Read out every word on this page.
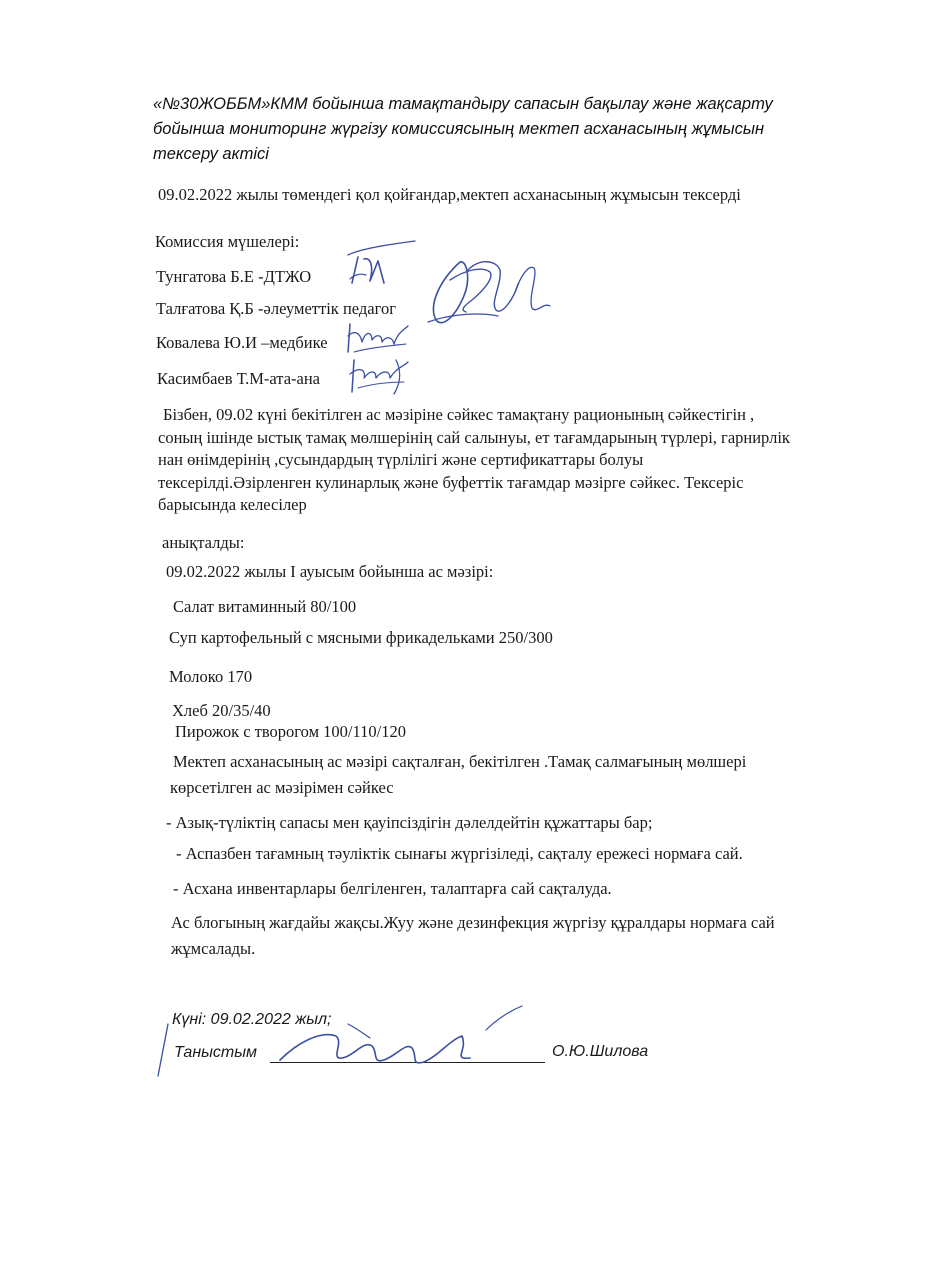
«№30ЖОББМ»КММ бойынша тамақтандыру сапасын бақылау және жақсарту
бойынша мониторинг жүргізу комиссиясының мектеп асханасының жұмысын
тексеру актісі
09.02.2022 жылы төмендегі қол қойғандар,мектеп асханасының жұмысын тексерді
Комиссия мүшелері:
Тунгатова Б.Е -ДТЖО
Талғатова Қ.Б -әлеуметтік педагог
Ковалева Ю.И –медбике
Касимбаев Т.М-ата-ана
Бізбен, 09.02 күні бекітілген ас мәзіріне сәйкес тамақтану рационының сәйкестігін ,
соның ішінде ыстық тамақ мөлшерінің сай салынуы, ет тағамдарының түрлері, гарнирлік
нан өнімдерінің ,сусындардың түрлілігі және сертификаттары болуы
тексерілді.Әзірленген кулинарлық және буфеттік тағамдар мәзірге сәйкес. Тексеріс
барысында келесілер
анықталды:
09.02.2022 жылы I ауысым бойынша ас мәзірі:
Салат витаминный 80/100
Суп картофельный с мясными фрикадельками 250/300
Молоко 170
Хлеб 20/35/40
Пирожок с творогом 100/110/120
Мектеп асханасының ас мәзірі сақталған, бекітілген .Тамақ салмағының мөлшері
көрсетілген ас мәзірімен сәйкес
- Азық-түліктің сапасы мен қауіпсіздігін дәлелдейтін құжаттары бар;
- Аспазбен тағамның тәуліктік сынағы жүргізіледі, сақталу ережесі нормаға сай.
- Асхана инвентарлары белгіленген, талаптарға сай сақталуда.
Ас блогының жағдайы жақсы.Жуу және дезинфекция жүргізу құралдары нормаға сай
жұмсалады.
Күні: 09.02.2022 жыл;
Таныстым	О.Ю.Шилова
